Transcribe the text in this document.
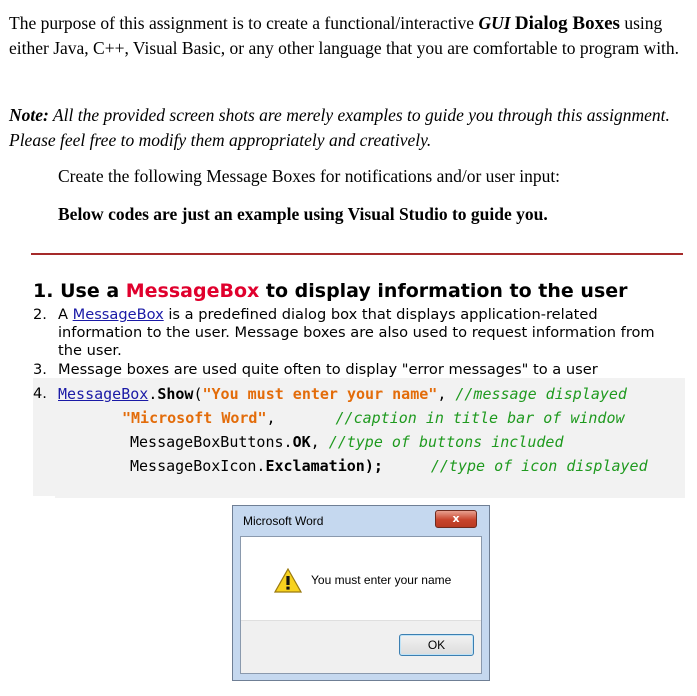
The purpose of this assignment is to create a functional/interactive GUI Dialog Boxes using either Java, C++, Visual Basic, or any other language that you are comfortable to program with.
Note: All the provided screen shots are merely examples to guide you through this assignment. Please feel free to modify them appropriately and creatively.
Create the following Message Boxes for notifications and/or user input:
Below codes are just an example using Visual Studio to guide you.
1. Use a MessageBox to display information to the user
2. A MessageBox is a predefined dialog box that displays application-related
information to the user. Message boxes are also used to request information from the user.
3. Message boxes are used quite often to display "error messages" to a user
4. MessageBox.Show("You must enter your name", //message displayed
"Microsoft Word",	//caption in title bar of window
MessageBoxButtons.OK, //type of buttons included
MessageBoxIcon.Exclamation);	//type of icon displayed
Microsoft Word	x
You must enter your name
OK
